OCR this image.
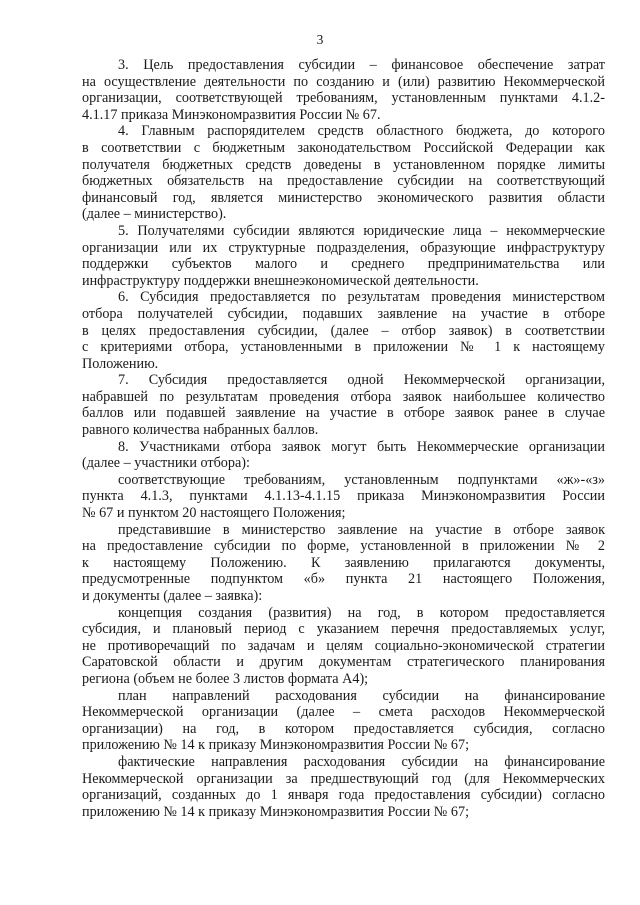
3
3. Цель предоставления субсидии – финансовое обеспечение затрат
на осуществление деятельности по созданию и (или) развитию Некоммерческой
организации, соответствующей требованиям, установленным пунктами 4.1.2-
4.1.17 приказа Минэкономразвития России № 67.
4. Главным распорядителем средств областного бюджета, до которого
в соответствии с бюджетным законодательством Российской Федерации как
получателя бюджетных средств доведены в установленном порядке лимиты
бюджетных обязательств на предоставление субсидии на соответствующий
финансовый год, является министерство экономического развития области
(далее – министерство).
5. Получателями субсидии являются юридические лица – некоммерческие
организации или их структурные подразделения, образующие инфраструктуру
поддержки субъектов малого и среднего предпринимательства или
инфраструктуру поддержки внешнеэкономической деятельности.
6. Субсидия предоставляется по результатам проведения министерством
отбора получателей субсидии, подавших заявление на участие в отборе
в целях предоставления субсидии, (далее – отбор заявок) в соответствии
с критериями отбора, установленными в приложении № 1 к настоящему
Положению.
7. Субсидия предоставляется одной Некоммерческой организации,
набравшей по результатам проведения отбора заявок наибольшее количество
баллов или подавшей заявление на участие в отборе заявок ранее в случае
равного количества набранных баллов.
8. Участниками отбора заявок могут быть Некоммерческие организации
(далее – участники отбора):
соответствующие требованиям, установленным подпунктами «ж»-«з»
пункта 4.1.3, пунктами 4.1.13-4.1.15 приказа Минэкономразвития России
№ 67 и пунктом 20 настоящего Положения;
представившие в министерство заявление на участие в отборе заявок
на предоставление субсидии по форме, установленной в приложении № 2
к настоящему Положению. К заявлению прилагаются документы,
предусмотренные подпунктом «б» пункта 21 настоящего Положения,
и документы (далее – заявка):
концепция создания (развития) на год, в котором предоставляется
субсидия, и плановый период с указанием перечня предоставляемых услуг,
не противоречащий по задачам и целям социально-экономической стратегии
Саратовской области и другим документам стратегического планирования
региона (объем не более 3 листов формата А4);
план направлений расходования субсидии на финансирование
Некоммерческой организации (далее – смета расходов Некоммерческой
организации) на год, в котором предоставляется субсидия, согласно
приложению № 14 к приказу Минэкономразвития России № 67;
фактические направления расходования субсидии на финансирование
Некоммерческой организации за предшествующий год (для Некоммерческих
организаций, созданных до 1 января года предоставления субсидии) согласно
приложению № 14 к приказу Минэкономразвития России № 67;
